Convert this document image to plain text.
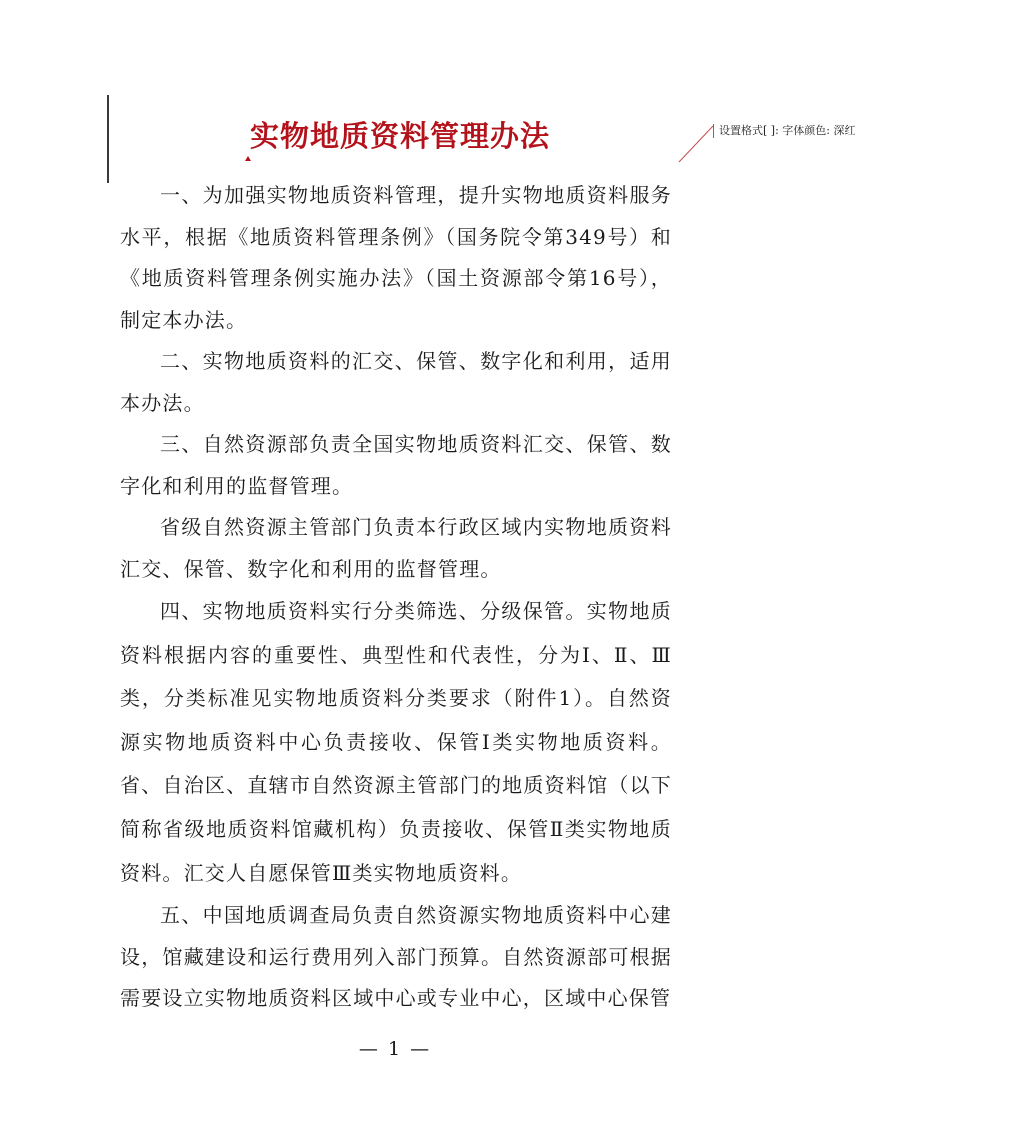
实物地质资料管理办法	设置格式[ ]: 字体颜色: 深红

一、为加强实物地质资料管理，提升实物地质资料服务水平，根据《地质资料管理条例》（国务院令第349号）和《地质资料管理条例实施办法》（国土资源部令第16号），制定本办法。

二、实物地质资料的汇交、保管、数字化和利用，适用本办法。

三、自然资源部负责全国实物地质资料汇交、保管、数字化和利用的监督管理。

省级自然资源主管部门负责本行政区域内实物地质资料汇交、保管、数字化和利用的监督管理。

四、实物地质资料实行分类筛选、分级保管。实物地质资料根据内容的重要性、典型性和代表性，分为Ⅰ、Ⅱ、Ⅲ类，分类标准见实物地质资料分类要求（附件1）。自然资源实物地质资料中心负责接收、保管Ⅰ类实物地质资料。省、自治区、直辖市自然资源主管部门的地质资料馆（以下简称省级地质资料馆藏机构）负责接收、保管Ⅱ类实物地质资料。汇交人自愿保管Ⅲ类实物地质资料。

五、中国地质调查局负责自然资源实物地质资料中心建设，馆藏建设和运行费用列入部门预算。自然资源部可根据需要设立实物地质资料区域中心或专业中心，区域中心保管

— 1 —
